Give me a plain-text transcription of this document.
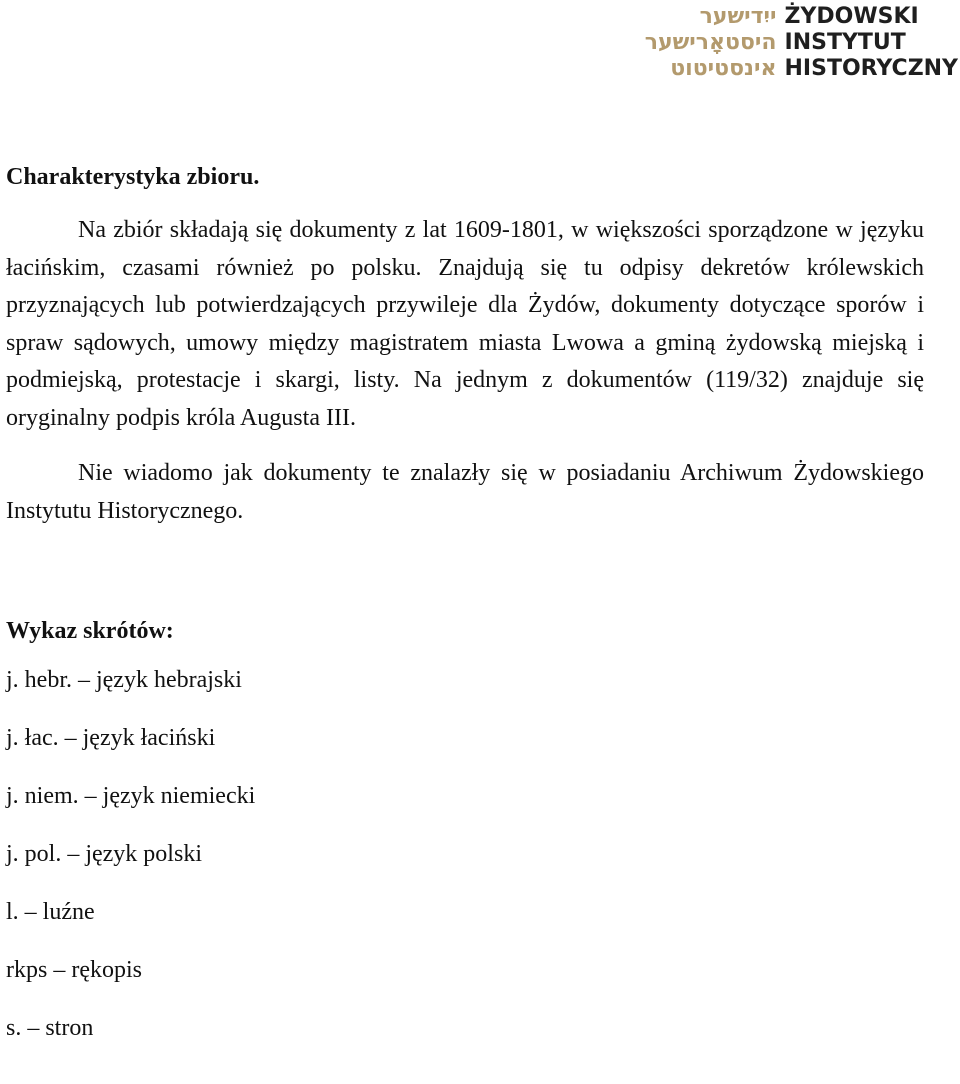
ייִדישער
היסטאָרישער
אינסטיטוט
ŻYDOWSKI
INSTYTUT
HISTORYCZNY
Charakterystyka zbioru.

Na zbiór składają się dokumenty z lat 1609-1801, w większości sporządzone w języku łacińskim, czasami również po polsku. Znajdują się tu odpisy dekretów królewskich przyznających lub potwierdzających przywileje dla Żydów, dokumenty dotyczące sporów i spraw sądowych, umowy między magistratem miasta Lwowa a gminą żydowską miejską i podmiejską, protestacje i skargi, listy. Na jednym z dokumentów (119/32) znajduje się oryginalny podpis króla Augusta III.

Nie wiadomo jak dokumenty te znalazły się w posiadaniu Archiwum Żydowskiego Instytutu Historycznego.

Wykaz skrótów:

j. hebr. – język hebrajski

j. łac. – język łaciński

j. niem. – język niemiecki

j. pol. – język polski

l. – luźne

rkps – rękopis

s. – stron
